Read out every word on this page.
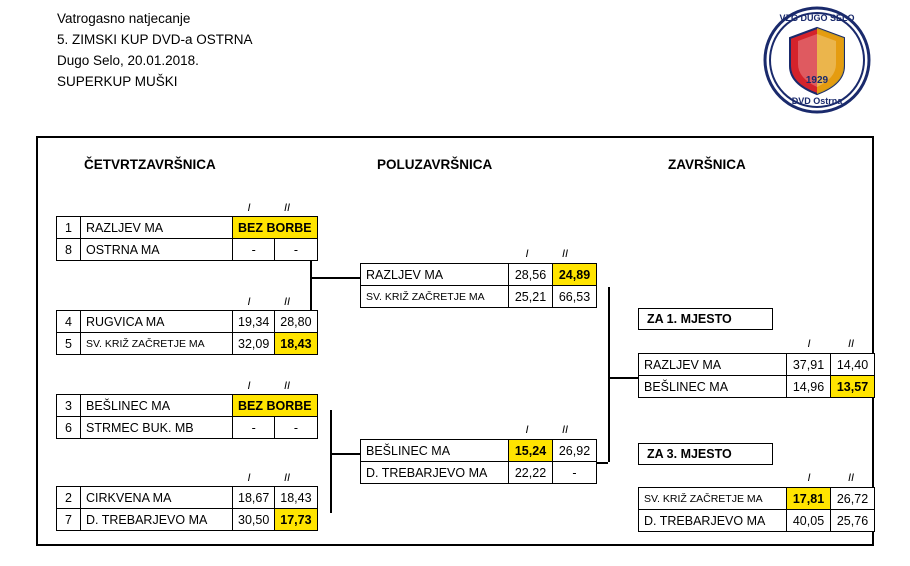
Vatrogasno natjecanje
5. ZIMSKI KUP DVD-a OSTRNA
Dugo Selo, 20.01.2018.
SUPERKUP MUŠKI
VZG DUGO SELO
1929
DVD Ostrna
ČETVRTZAVRŠNICA	POLUZAVRŠNICA	ZAVRŠNICA
I	II
I	II
I	II
I	II
I	II
I	II
I	II
I	II
1	RAZLJEV MA	BEZ BORBE	
8	OSTRNA MA	-	-
4	RUGVICA MA	19,34	28,80
5	SV. KRIŽ ZAČRETJE MA	32,09	18,43
3	BEŠLINEC MA	BEZ BORBE	
6	STRMEC BUK. MB	-	-
2	CIRKVENA MA	18,67	18,43
7	D. TREBARJEVO MA	30,50	17,73
RAZLJEV MA	28,56	24,89
SV. KRIŽ ZAČRETJE MA	25,21	66,53
BEŠLINEC MA	15,24	26,92
D. TREBARJEVO MA	22,22	-
ZA 1. MJESTO
RAZLJEV MA	37,91	14,40
BEŠLINEC MA	14,96	13,57
ZA 3. MJESTO
SV. KRIŽ ZAČRETJE MA	17,81	26,72
D. TREBARJEVO MA	40,05	25,76
